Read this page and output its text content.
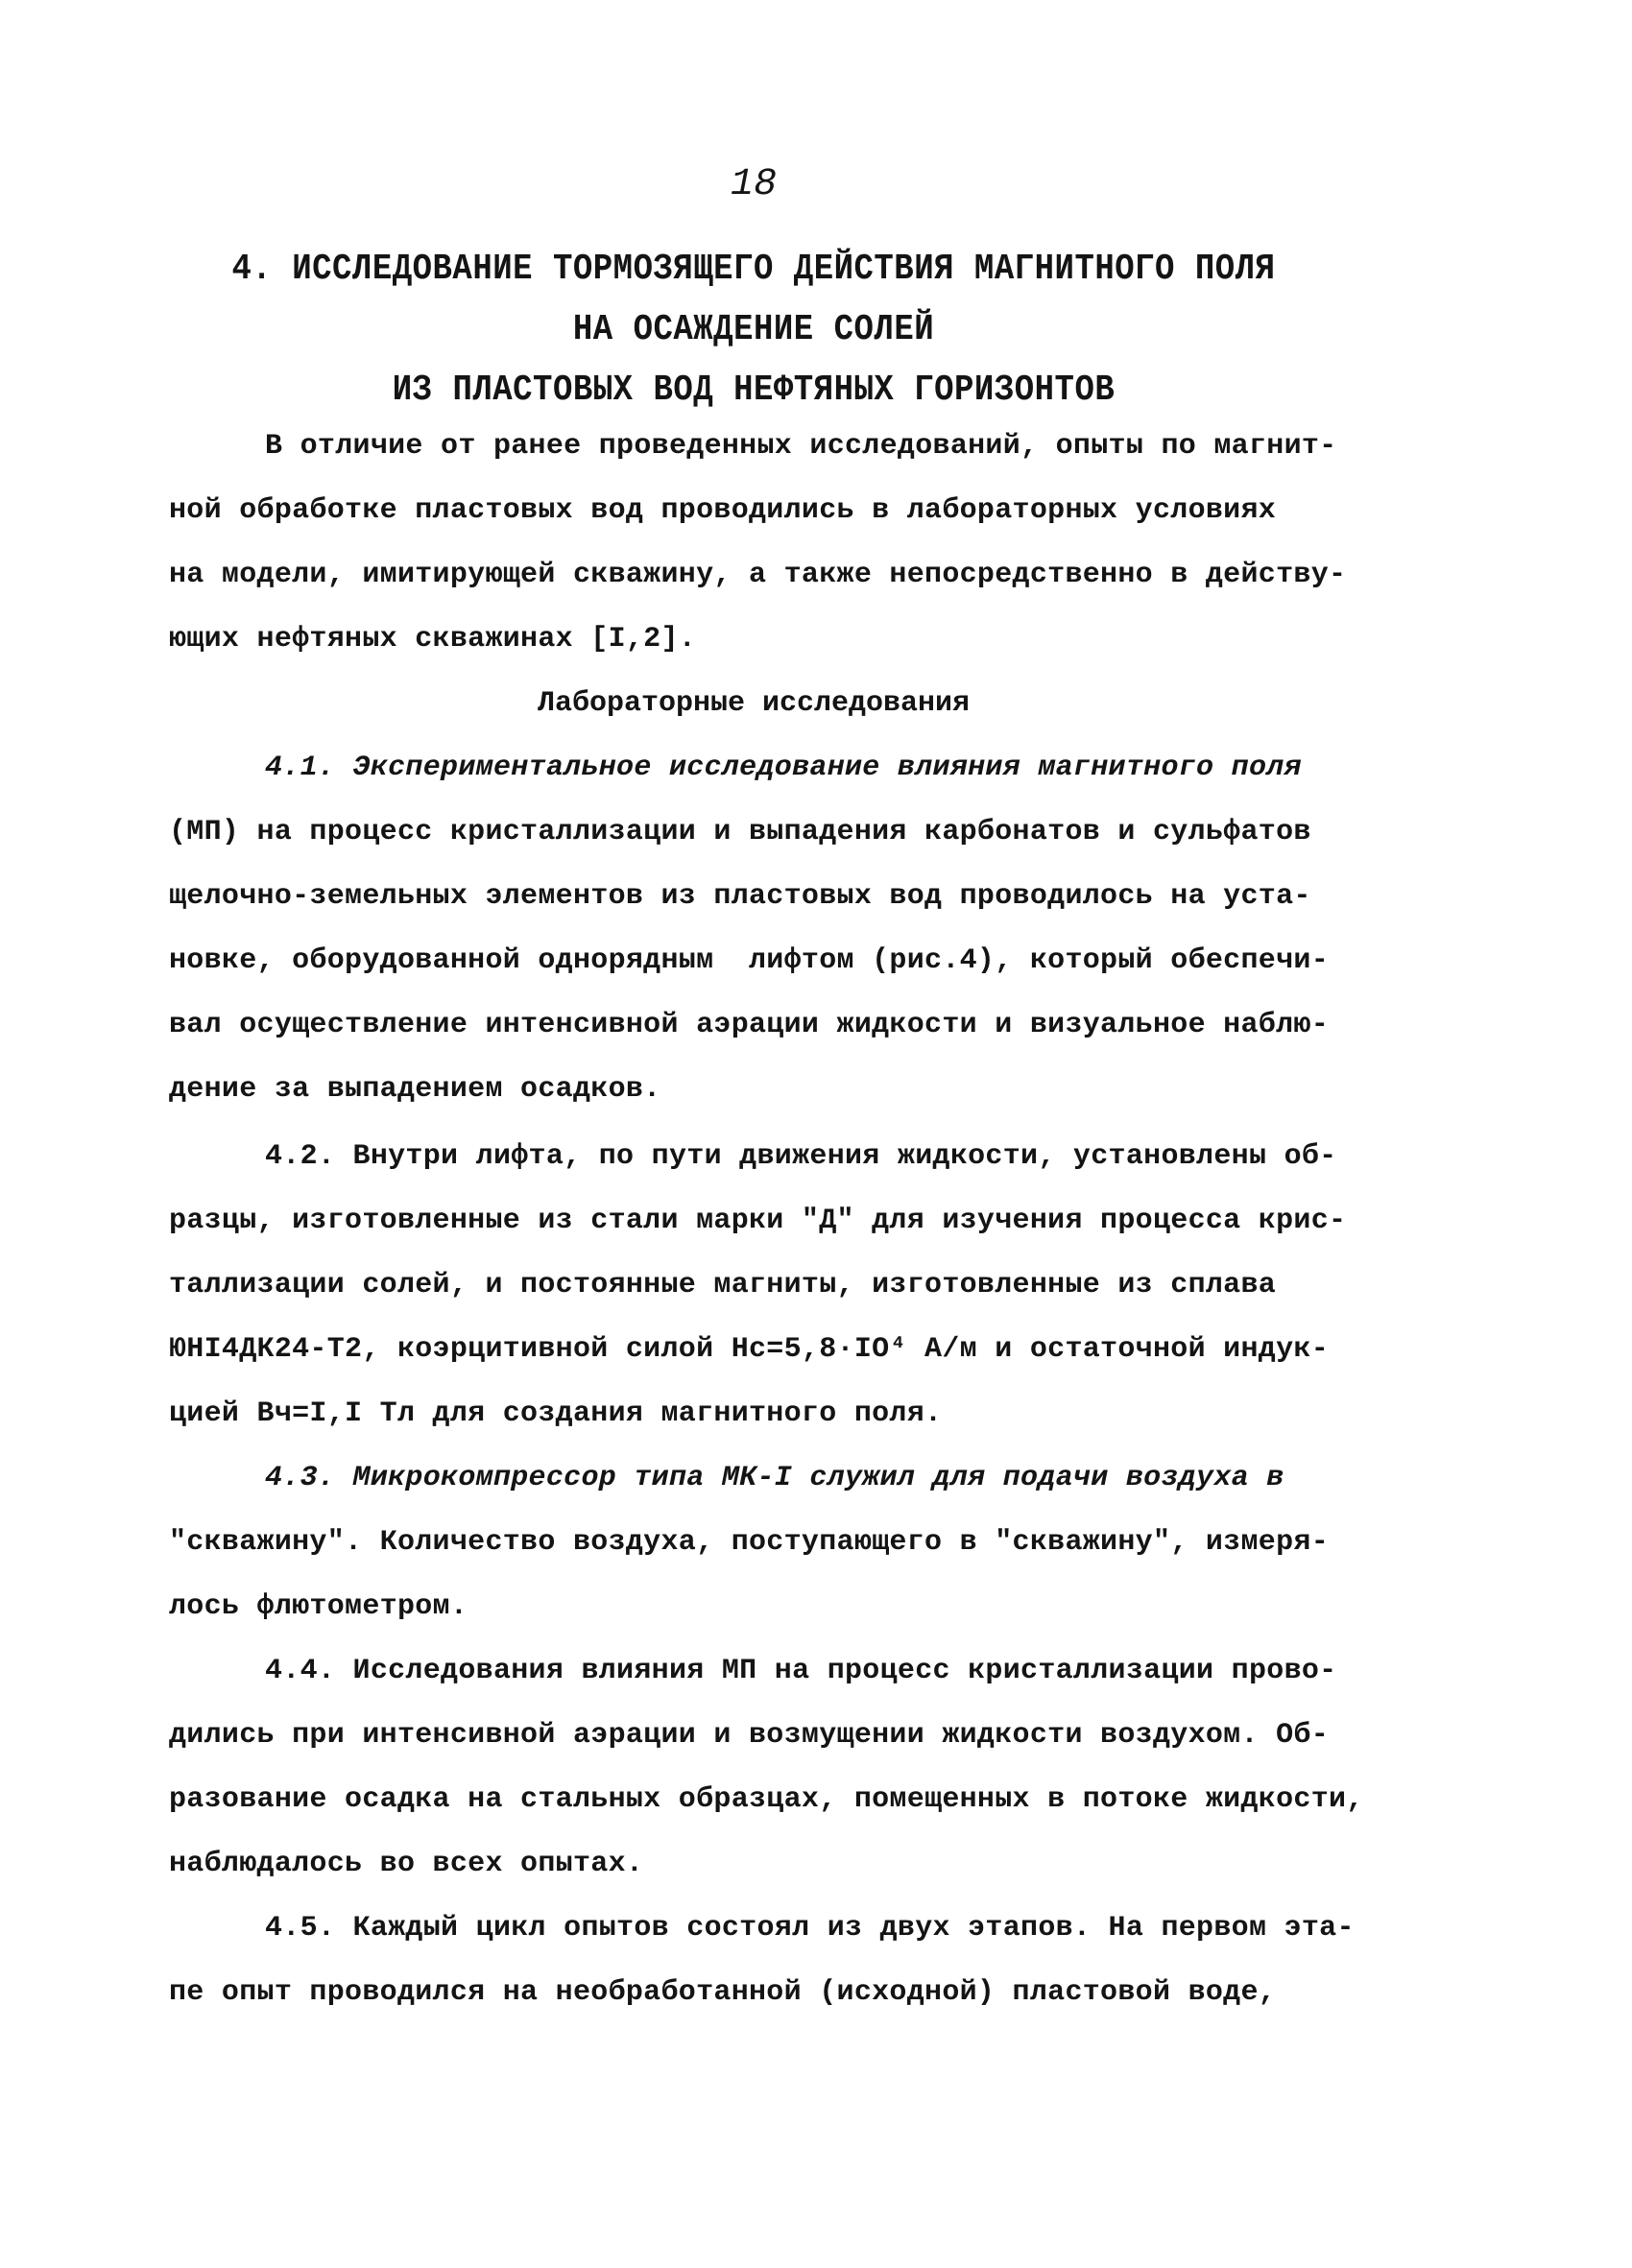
18
4. ИССЛЕДОВАНИЕ ТОРМОЗЯЩЕГО ДЕЙСТВИЯ МАГНИТНОГО ПОЛЯ
НА ОСАЖДЕНИЕ СОЛЕЙ
ИЗ ПЛАСТОВЫХ ВОД НЕФТЯНЫХ ГОРИЗОНТОВ
В отличие от ранее проведенных исследований, опыты по магнит-
ной обработке пластовых вод проводились в лабораторных условиях
на модели, имитирующей скважину, а также непосредственно в действу-
ющих нефтяных скважинах [I,2].
Лабораторные исследования
4.1. Экспериментальное исследование влияния магнитного поля
(МП) на процесс кристаллизации и выпадения карбонатов и сульфатов
щелочно-земельных элементов из пластовых вод проводилось на уста-
новке, оборудованной однорядным  лифтом (рис.4), который обеспечи-
вал осуществление интенсивной аэрации жидкости и визуальное наблю-
дение за выпадением осадков.
4.2. Внутри лифта, по пути движения жидкости, установлены об-
разцы, изготовленные из стали марки "Д" для изучения процесса крис-
таллизации солей, и постоянные магниты, изготовленные из сплава
ЮНI4ДК24-Т2, коэрцитивной силой Hc=5,8·IO⁴ А/м и остаточной индук-
цией Вч=I,I Тл для создания магнитного поля.
4.3. Микрокомпрессор типа МК-I служил для подачи воздуха в
"скважину". Количество воздуха, поступающего в "скважину", измеря-
лось флютометром.
4.4. Исследования влияния МП на процесс кристаллизации прово-
дились при интенсивной аэрации и возмущении жидкости воздухом. Об-
разование осадка на стальных образцах, помещенных в потоке жидкости,
наблюдалось во всех опытах.
4.5. Каждый цикл опытов состоял из двух этапов. На первом эта-
пе опыт проводился на необработанной (исходной) пластовой воде,
